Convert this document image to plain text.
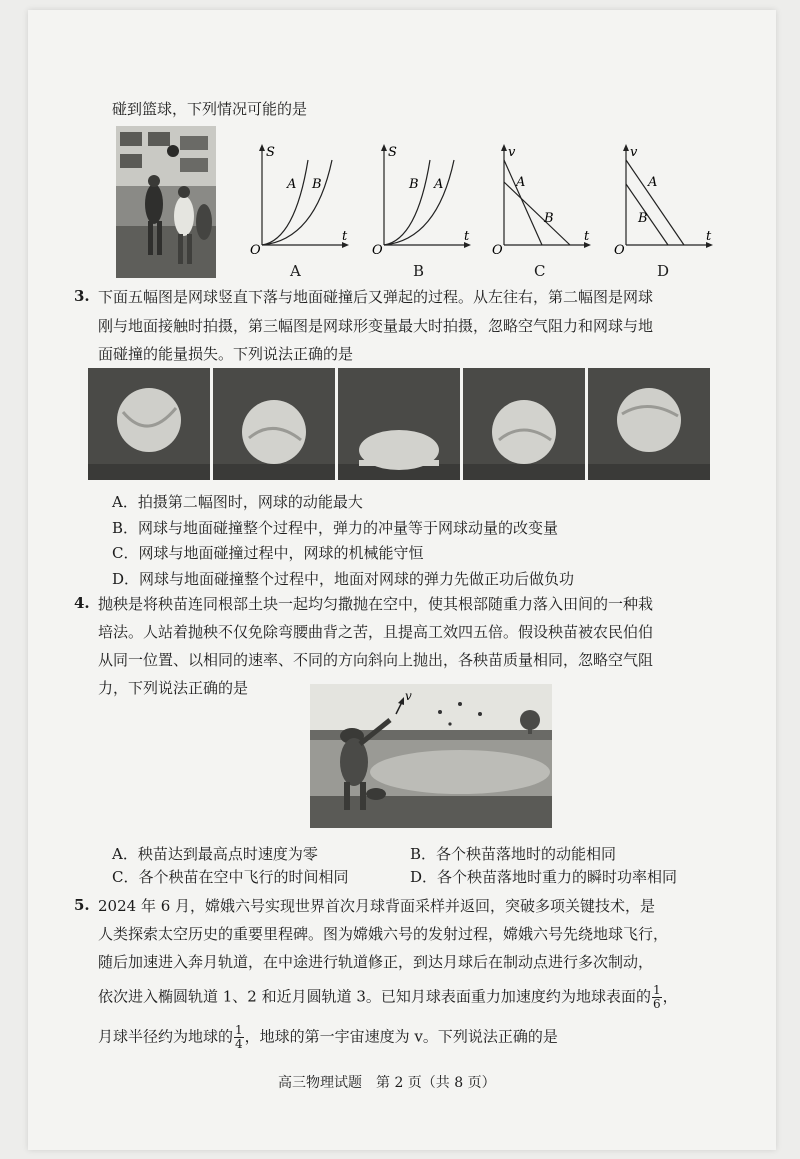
碰到篮球，下列情况可能的是
S
t
O
A B
A
S
t
O
B A
B
v
t
O
A
B
C
v
t
O
A
B
D
3. 下面五幅图是网球竖直下落与地面碰撞后又弹起的过程。从左往右，第二幅图是网球
刚与地面接触时拍摄，第三幅图是网球形变量最大时拍摄，忽略空气阻力和网球与地
面碰撞的能量损失。下列说法正确的是
A．拍摄第二幅图时，网球的动能最大
B．网球与地面碰撞整个过程中，弹力的冲量等于网球动量的改变量
C．网球与地面碰撞过程中，网球的机械能守恒
D．网球与地面碰撞整个过程中，地面对网球的弹力先做正功后做负功
4. 抛秧是将秧苗连同根部土块一起均匀撒抛在空中，使其根部随重力落入田间的一种栽
培法。人站着抛秧不仅免除弯腰曲背之苦，且提高工效四五倍。假设秧苗被农民伯伯
从同一位置、以相同的速率、不同的方向斜向上抛出，各秧苗质量相同，忽略空气阻
力，下列说法正确的是	v
A．秧苗达到最高点时速度为零	B．各个秧苗落地时的动能相同
C．各个秧苗在空中飞行的时间相同	D．各个秧苗落地时重力的瞬时功率相同
5. 2024 年 6 月，嫦娥六号实现世界首次月球背面采样并返回，突破多项关键技术，是
人类探索太空历史的重要里程碑。图为嫦娥六号的发射过程，嫦娥六号先绕地球飞行，
随后加速进入奔月轨道，在中途进行轨道修正，到达月球后在制动点进行多次制动，
依次进入椭圆轨道 1、2 和近月圆轨道 3。已知月球表面重力加速度约为地球表面的 $\frac{1}{6}$ ，
月球半径约为地球的 $\frac{1}{4}$ ，地球的第一宇宙速度为 v。下列说法正确的是
高三物理试题　第 2 页（共 8 页）
